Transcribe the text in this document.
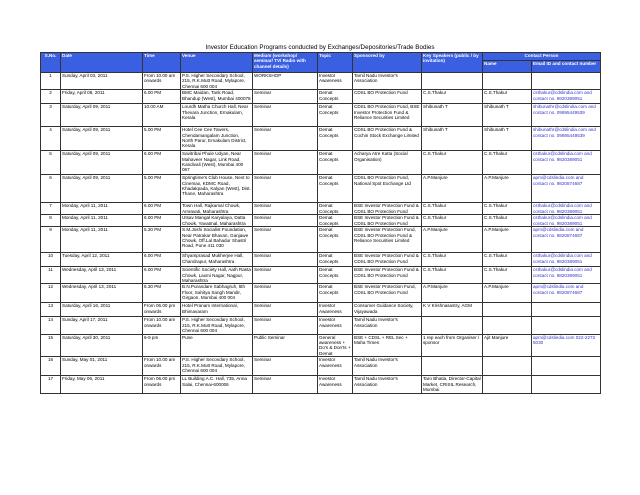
Investor Education Programs conducted by Exchanges/Depositories/Trade Bodies
S.No.	Date	Time	Venue	Medium (workshop/ seminar/ TV/ Radio with channel details)	Topic	Sponsored by	Key Speakers (public / by invitation)	Contact Person	
								Name	Email ID and contact number
1	Sunday, April 03, 2011	From 10.00 am onwards	P.S. Higher Secondary School, 215, R.K.Mutt Road, Mylapore, Chennai 600 004	WORKSHOP	Investor Awareness	Tamil Nadu Investor's Association			
2	Friday, April 08, 2011	6.00 PM	BMC Maidan, Tank Road, Bhandup (West), Mumbai 400078	Seminar	Demat Concepts	CDSL BO Protection Fund	C.S.Thakur	C.S.Thakur	csthakur@cdslindia.com and contact no. 9820389051
3	Saturday, April 09, 2011	10.00 AM	Lourdh Matha Church Hall, Near Thevara Junction, Ernakulam, Kerala	Seminar	Demat Concepts	CDSL BO Protection Fund, BSE Investor Protection Fund & Reliance Securities Limited	Shibunath T	Shibunath T	shibunathr@cdslindia.com and contact no. 09895449539
4	Saturday, April 09, 2011	5.00 PM	Hotel Cee Cee Towers, Chendamangalam Junction, North Parur, Ernakulam District, Kerala	Seminar	Demat Concepts	CDSL BO Protection Fund & Cochin Stock Exchange Limited	Shibunath T	Shibunath T	shibunathr@cdslindia.com and contact no. 09895449539
5	Saturday, April 09, 2011	6.00 PM	Savitribai Phule Udyan, Near Mahaveer Nagar, Link Road, Kandivali (West), Mumbai 400 067	Seminar	Demat Concepts	Acharya Atre Katta (Social Organisation)	C.S.Thakur	C.S.Thakur	csthakur@cdslindia.com and contact no. 9820389051
6	Saturday, April 09, 2011	5.00 PM	Springtime's Club House, Next to Cinemax, KDMC Road, Khadakpada, Kalyan (West), Dist. Thane, Maharashtra	Seminar	Demat Concepts	CDSL BO Protection Fund, National Spot Exchange Ltd	A.P.Manjure	A.P.Manjure	apm@cdslindia.com and contact no. 9820874687
7	Monday, April 11, 2011	6.00 PM	Town Hall, Rajkamal Chowk, Amravati, Maharashtra	Seminar	Demat Concepts	BSE Investor Protection Fund & CDSL BO Protection Fund	C.S.Thakur	C.S.Thakur	csthakur@cdslindia.com and contact no. 9820389051
8	Monday, April 11, 2011	6.00 PM	Utsav Mangal Karyalaya, Datta Chowk, Yavatmal, Maharashtra	Seminar	Demat Concepts	BSE Investor Protection Fund & CDSL BO Protection Fund	C.S.Thakur	C.S.Thakur	csthakur@cdslindia.com and contact no. 9820389051
9	Monday, April 11, 2011	5.30 PM	S.M.Joshi Socialist Foundation, Near Patrakar Bhavan, Ganjawe Chowk, Off.Lal Bahadur Shastri Road, Pune 411 030	Seminar	Demat Concepts	BSE Investor Protection Fund, CDSL BO Protection Fund & Reliance Securities Limited	A.P.Manjure	A.P.Manjure	apm@cdslindia.com and contact no. 9820874687
10	Tuesday, April 12, 2011	6.00 PM	Shyamprasad Mukherjee Hall, Chandrapur, Maharashtra	Seminar	Demat Concepts	BSE Investor Protection Fund & CDSL BO Protection Fund	C.S.Thakur	C.S.Thakur	csthakur@cdslindia.com and contact no. 9820389051
11	Wednesday, April 13, 2011	6.00 PM	Scientific Society Hall, Aath Rasta Chowk, Laxmi Nagar, Nagpur, Maharashtra	Seminar	Demat Concepts	BSE Investor Protection Fund & CDSL BO Protection Fund	C.S.Thakur	C.S.Thakur	csthakur@cdslindia.com and contact no. 9820389051
12	Wednesday, April 13, 2011	5.30 PM	B.N.Purandare Sabhagruh, 5th Floor, Sahitya Sangh Mandir, Girgaon, Mumbai 400 004	Seminar	Demat Concepts	BSE Investor Protection Fund, CDSL BO Protection Fund	A.P.Manjure	A.P.Manjure	apm@cdslindia.com and contact no. 9820874687
13	Saturday, April 16, 2011	From 06.00 pm onwards	Hotel Pranam International, Bhimavaram	Seminar	Investor Awareness	Consumer Guidance Society, Vijayawada	K V Krishnasastry, AGM		
14	Sunday, April 17, 2011	From 10.00 am onwards	P.S. Higher Secondary School, 215, R.K.Mutt Road, Mylapore, Chennai 600 004	Seminar	Investor Awareness	Tamil Nadu Investor's Association			
15	Saturday, April 30, 2011	6-9 pm	Pune	Public Seminar	General awareness + Do's & Don'ts + Demat	BSE + CDSL + REL Sec + Maha Times	1 rep each from Organiser / sponsor	Ajit Manjure	apm@cdslindia.com 022-2272 5030
16	Sunday, May 01, 2011	From 10.00 am onwards	P.S. Higher Secondary School, 215, R.K.Mutt Road, Mylapore, Chennai 600 004	Seminar	Investor Awareness	Tamil Nadu Investor's Association			
17	Friday, May 06, 2011	From 06.00 pm onwards	LL Building A.C. Hall, 735, Anna Salai, Chennai-600006	Seminar	Investor Awareness	Tamil Nadu Investor's Association	Taro Bhatia, Director-Capital Market, CRISIL Research, Mumbai		
